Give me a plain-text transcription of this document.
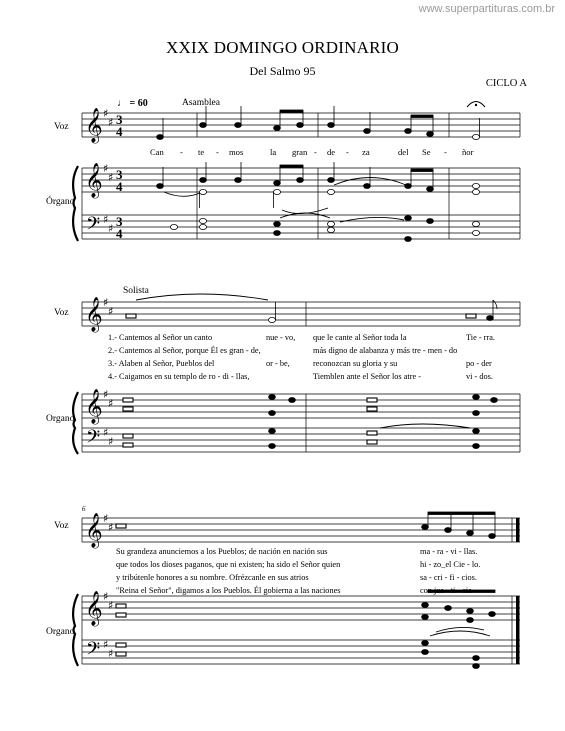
www.superpartituras.com.br
XXIX DOMINGO ORDINARIO
Del Salmo 95
CICLO A
𝄞
𝄞
𝄢
𝄞
𝄞
𝄢
𝄞
𝄞
𝄢
♯
♯
♯
♯
♯
♯
♯
♯
♯
♯
♯
♯
♯
♯
♯
♯
♯
♯
3
4
3
4
3
4
Voz
Órgano
Voz
Organo
Voz
Organo
♩ = 60	Asamblea
Can - te - mos	la gran - de - za	del Se - ñor
Solista
1.- Cantemos al Señor un canto	nue - vo, que le cante al Señor toda la	Tie - rra.
2.- Cantemos al Señor, porque Él es gran - de,	más digno de alabanza y más tre - men - do
3.- Alaben al Señor, Pueblos del	or - be,	reconozcan su gloria y su	po - der
4.- Caigamos en su templo de ro - di - llas,	Tiemblen ante el Señor los atre -	vi - dos.
6
Su grandeza anunciemos a los Pueblos; de nación en nación sus	ma - ra - vi - llas.
que todos los dioses paganos, que ni existen; ha sido el Señor quien	hi - zo_el Cie - lo.
y tribútenle honores a su nombre. Ofrézcanle en sus atrios	sa - cri - fi - cios.
"Reina el Señor", digamos a los Pueblos. Él gobierna a las naciones	con jus - ti - cia
